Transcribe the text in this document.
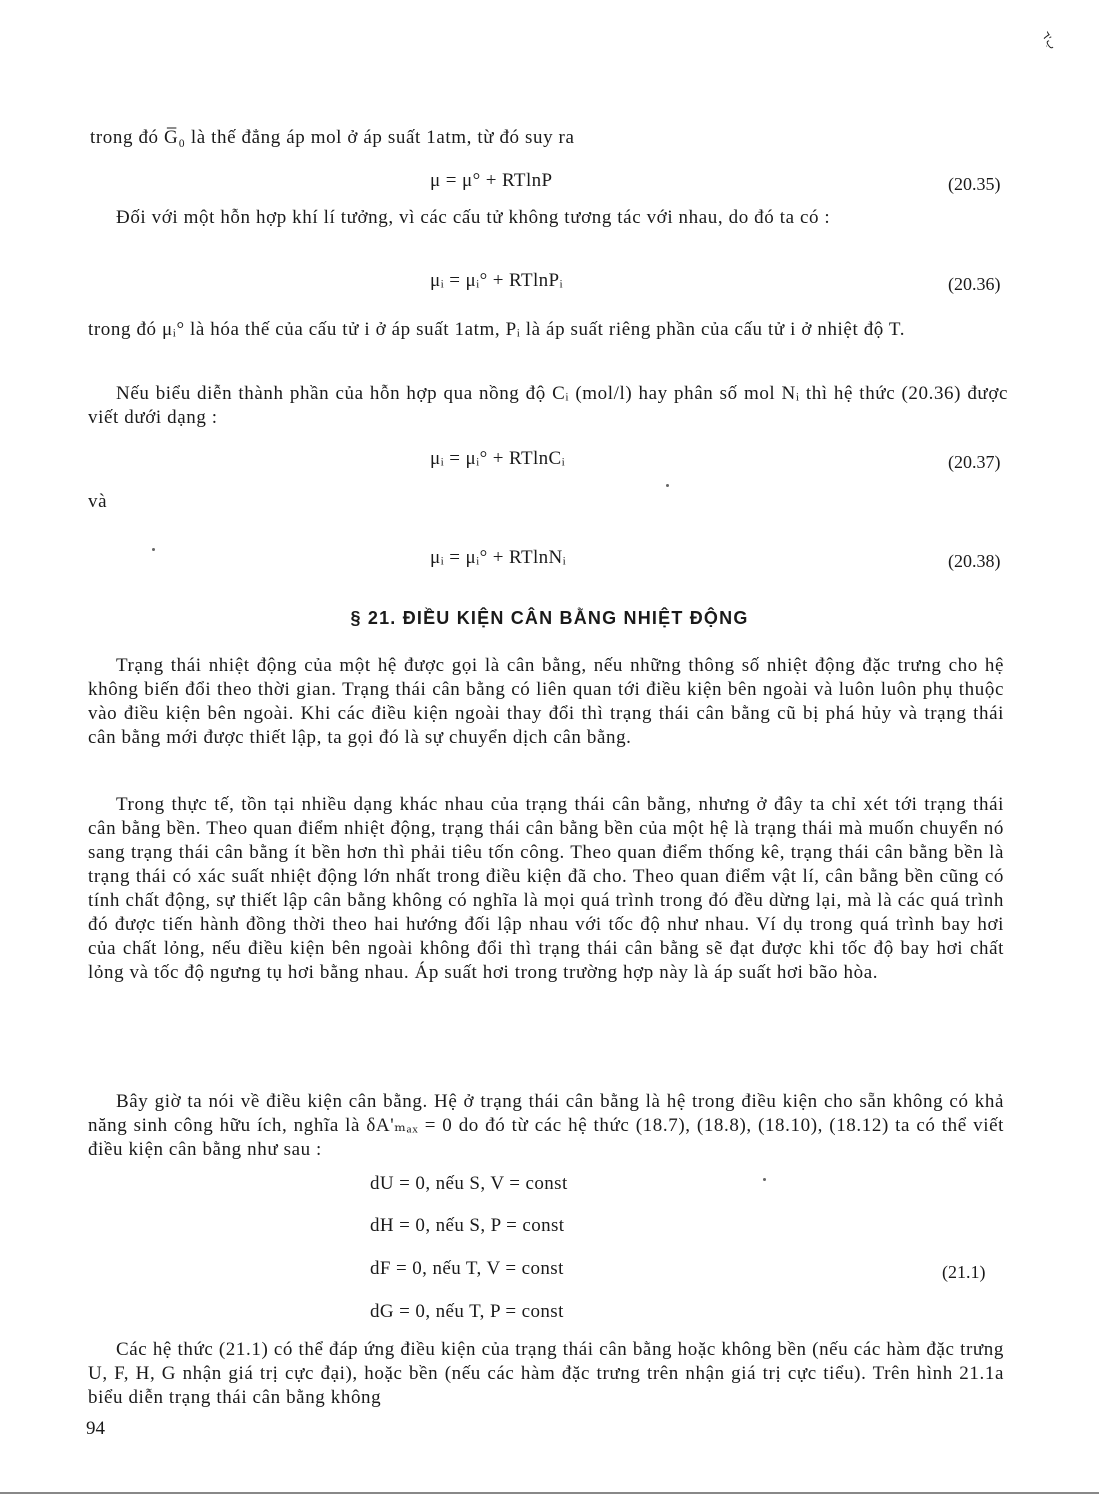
ب'٦
trong đó G̅₀ là thế đẳng áp mol ở áp suất 1atm, từ đó suy ra
μ = μ° + RTlnP	(20.35)
Đối với một hỗn hợp khí lí tưởng, vì các cấu tử không tương tác với nhau, do đó ta có :
μᵢ = μᵢ° + RTlnPᵢ	(20.36)
trong đó μᵢ° là hóa thế của cấu tử i ở áp suất 1atm, Pᵢ là áp suất riêng phần của cấu tử i ở nhiệt độ T.
Nếu biểu diễn thành phần của hỗn hợp qua nồng độ Cᵢ (mol/l) hay phân số mol Nᵢ thì hệ thức (20.36) được viết dưới dạng :
μᵢ = μᵢ° + RTlnCᵢ	(20.37)
và
μᵢ = μᵢ° + RTlnNᵢ	(20.38)
§ 21. ĐIỀU KIỆN CÂN BẰNG NHIỆT ĐỘNG
Trạng thái nhiệt động của một hệ được gọi là cân bằng, nếu những thông số nhiệt động đặc trưng cho hệ không biến đổi theo thời gian. Trạng thái cân bằng có liên quan tới điều kiện bên ngoài và luôn luôn phụ thuộc vào điều kiện bên ngoài. Khi các điều kiện ngoài thay đổi thì trạng thái cân bằng cũ bị phá hủy và trạng thái cân bằng mới được thiết lập, ta gọi đó là sự chuyển dịch cân bằng.
Trong thực tế, tồn tại nhiều dạng khác nhau của trạng thái cân bằng, nhưng ở đây ta chỉ xét tới trạng thái cân bằng bền. Theo quan điểm nhiệt động, trạng thái cân bằng bền của một hệ là trạng thái mà muốn chuyển nó sang trạng thái cân bằng ít bền hơn thì phải tiêu tốn công. Theo quan điểm thống kê, trạng thái cân bằng bền là trạng thái có xác suất nhiệt động lớn nhất trong điều kiện đã cho. Theo quan điểm vật lí, cân bằng bền cũng có tính chất động, sự thiết lập cân bằng không có nghĩa là mọi quá trình trong đó đều dừng lại, mà là các quá trình đó được tiến hành đồng thời theo hai hướng đối lập nhau với tốc độ như nhau. Ví dụ trong quá trình bay hơi của chất lỏng, nếu điều kiện bên ngoài không đổi thì trạng thái cân bằng sẽ đạt được khi tốc độ bay hơi chất lỏng và tốc độ ngưng tụ hơi bằng nhau. Áp suất hơi trong trường hợp này là áp suất hơi bão hòa.
Bây giờ ta nói về điều kiện cân bằng. Hệ ở trạng thái cân bằng là hệ trong điều kiện cho sẵn không có khả năng sinh công hữu ích, nghĩa là δA'ₘₐₓ = 0 do đó từ các hệ thức (18.7), (18.8), (18.10), (18.12) ta có thể viết điều kiện cân bằng như sau :
dU = 0, nếu S, V = const
dH = 0, nếu S, P = const
dF = 0, nếu T, V = const	(21.1)
dG = 0, nếu T, P = const
Các hệ thức (21.1) có thể đáp ứng điều kiện của trạng thái cân bằng hoặc không bền (nếu các hàm đặc trưng U, F, H, G nhận giá trị cực đại), hoặc bền (nếu các hàm đặc trưng trên nhận giá trị cực tiểu). Trên hình 21.1a biểu diễn trạng thái cân bằng không
94
